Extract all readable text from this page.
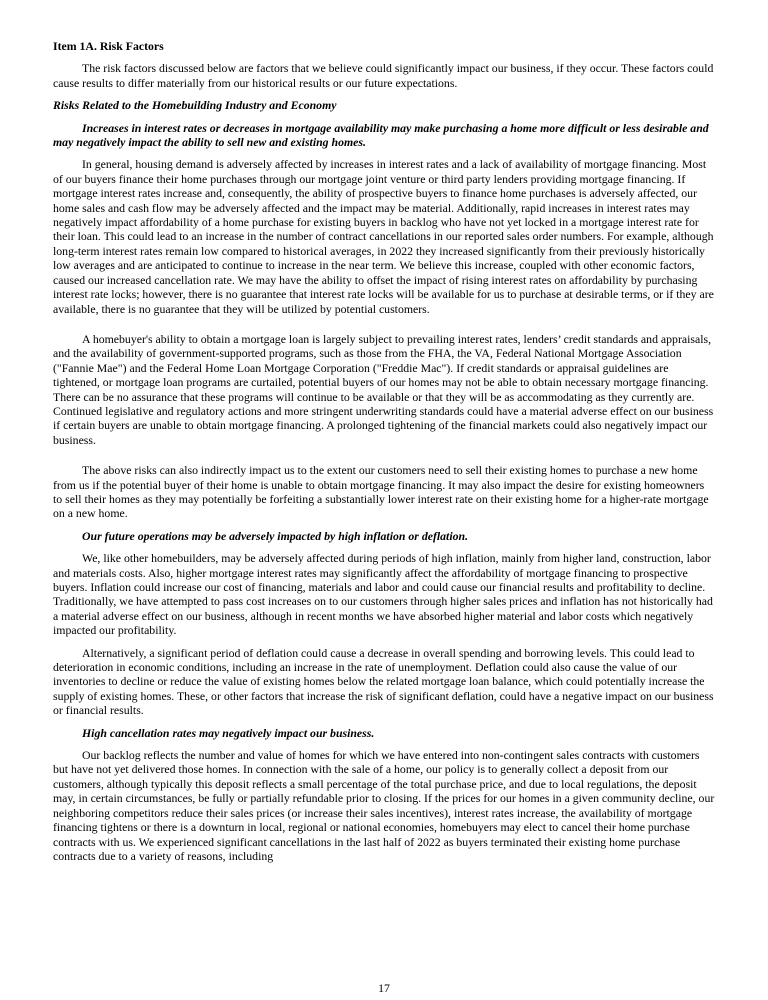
Item 1A. Risk Factors

The risk factors discussed below are factors that we believe could significantly impact our business, if they occur. These factors could cause results to differ materially from our historical results or our future expectations.

Risks Related to the Homebuilding Industry and Economy

Increases in interest rates or decreases in mortgage availability may make purchasing a home more difficult or less desirable and may negatively impact the ability to sell new and existing homes.

In general, housing demand is adversely affected by increases in interest rates and a lack of availability of mortgage financing. Most of our buyers finance their home purchases through our mortgage joint venture or third party lenders providing mortgage financing. If mortgage interest rates increase and, consequently, the ability of prospective buyers to finance home purchases is adversely affected, our home sales and cash flow may be adversely affected and the impact may be material. Additionally, rapid increases in interest rates may negatively impact affordability of a home purchase for existing buyers in backlog who have not yet locked in a mortgage interest rate for their loan. This could lead to an increase in the number of contract cancellations in our reported sales order numbers. For example, although long-term interest rates remain low compared to historical averages, in 2022 they increased significantly from their previously historically low averages and are anticipated to continue to increase in the near term. We believe this increase, coupled with other economic factors, caused our increased cancellation rate. We may have the ability to offset the impact of rising interest rates on affordability by purchasing interest rate locks; however, there is no guarantee that interest rate locks will be available for us to purchase at desirable terms, or if they are available, there is no guarantee that they will be utilized by potential customers.

A homebuyer's ability to obtain a mortgage loan is largely subject to prevailing interest rates, lenders’ credit standards and appraisals, and the availability of government-supported programs, such as those from the FHA, the VA, Federal National Mortgage Association ("Fannie Mae") and the Federal Home Loan Mortgage Corporation ("Freddie Mac"). If credit standards or appraisal guidelines are tightened, or mortgage loan programs are curtailed, potential buyers of our homes may not be able to obtain necessary mortgage financing. There can be no assurance that these programs will continue to be available or that they will be as accommodating as they currently are. Continued legislative and regulatory actions and more stringent underwriting standards could have a material adverse effect on our business if certain buyers are unable to obtain mortgage financing. A prolonged tightening of the financial markets could also negatively impact our business.

The above risks can also indirectly impact us to the extent our customers need to sell their existing homes to purchase a new home from us if the potential buyer of their home is unable to obtain mortgage financing. It may also impact the desire for existing homeowners to sell their homes as they may potentially be forfeiting a substantially lower interest rate on their existing home for a higher-rate mortgage on a new home.

Our future operations may be adversely impacted by high inflation or deflation.

We, like other homebuilders, may be adversely affected during periods of high inflation, mainly from higher land, construction, labor and materials costs. Also, higher mortgage interest rates may significantly affect the affordability of mortgage financing to prospective buyers. Inflation could increase our cost of financing, materials and labor and could cause our financial results and profitability to decline. Traditionally, we have attempted to pass cost increases on to our customers through higher sales prices and inflation has not historically had a material adverse effect on our business, although in recent months we have absorbed higher material and labor costs which negatively impacted our profitability.

Alternatively, a significant period of deflation could cause a decrease in overall spending and borrowing levels. This could lead to deterioration in economic conditions, including an increase in the rate of unemployment. Deflation could also cause the value of our inventories to decline or reduce the value of existing homes below the related mortgage loan balance, which could potentially increase the supply of existing homes. These, or other factors that increase the risk of significant deflation, could have a negative impact on our business or financial results.

High cancellation rates may negatively impact our business.

Our backlog reflects the number and value of homes for which we have entered into non-contingent sales contracts with customers but have not yet delivered those homes. In connection with the sale of a home, our policy is to generally collect a deposit from our customers, although typically this deposit reflects a small percentage of the total purchase price, and due to local regulations, the deposit may, in certain circumstances, be fully or partially refundable prior to closing. If the prices for our homes in a given community decline, our neighboring competitors reduce their sales prices (or increase their sales incentives), interest rates increase, the availability of mortgage financing tightens or there is a downturn in local, regional or national economies, homebuyers may elect to cancel their home purchase contracts with us. We experienced significant cancellations in the last half of 2022 as buyers terminated their existing home purchase contracts due to a variety of reasons, including

17
